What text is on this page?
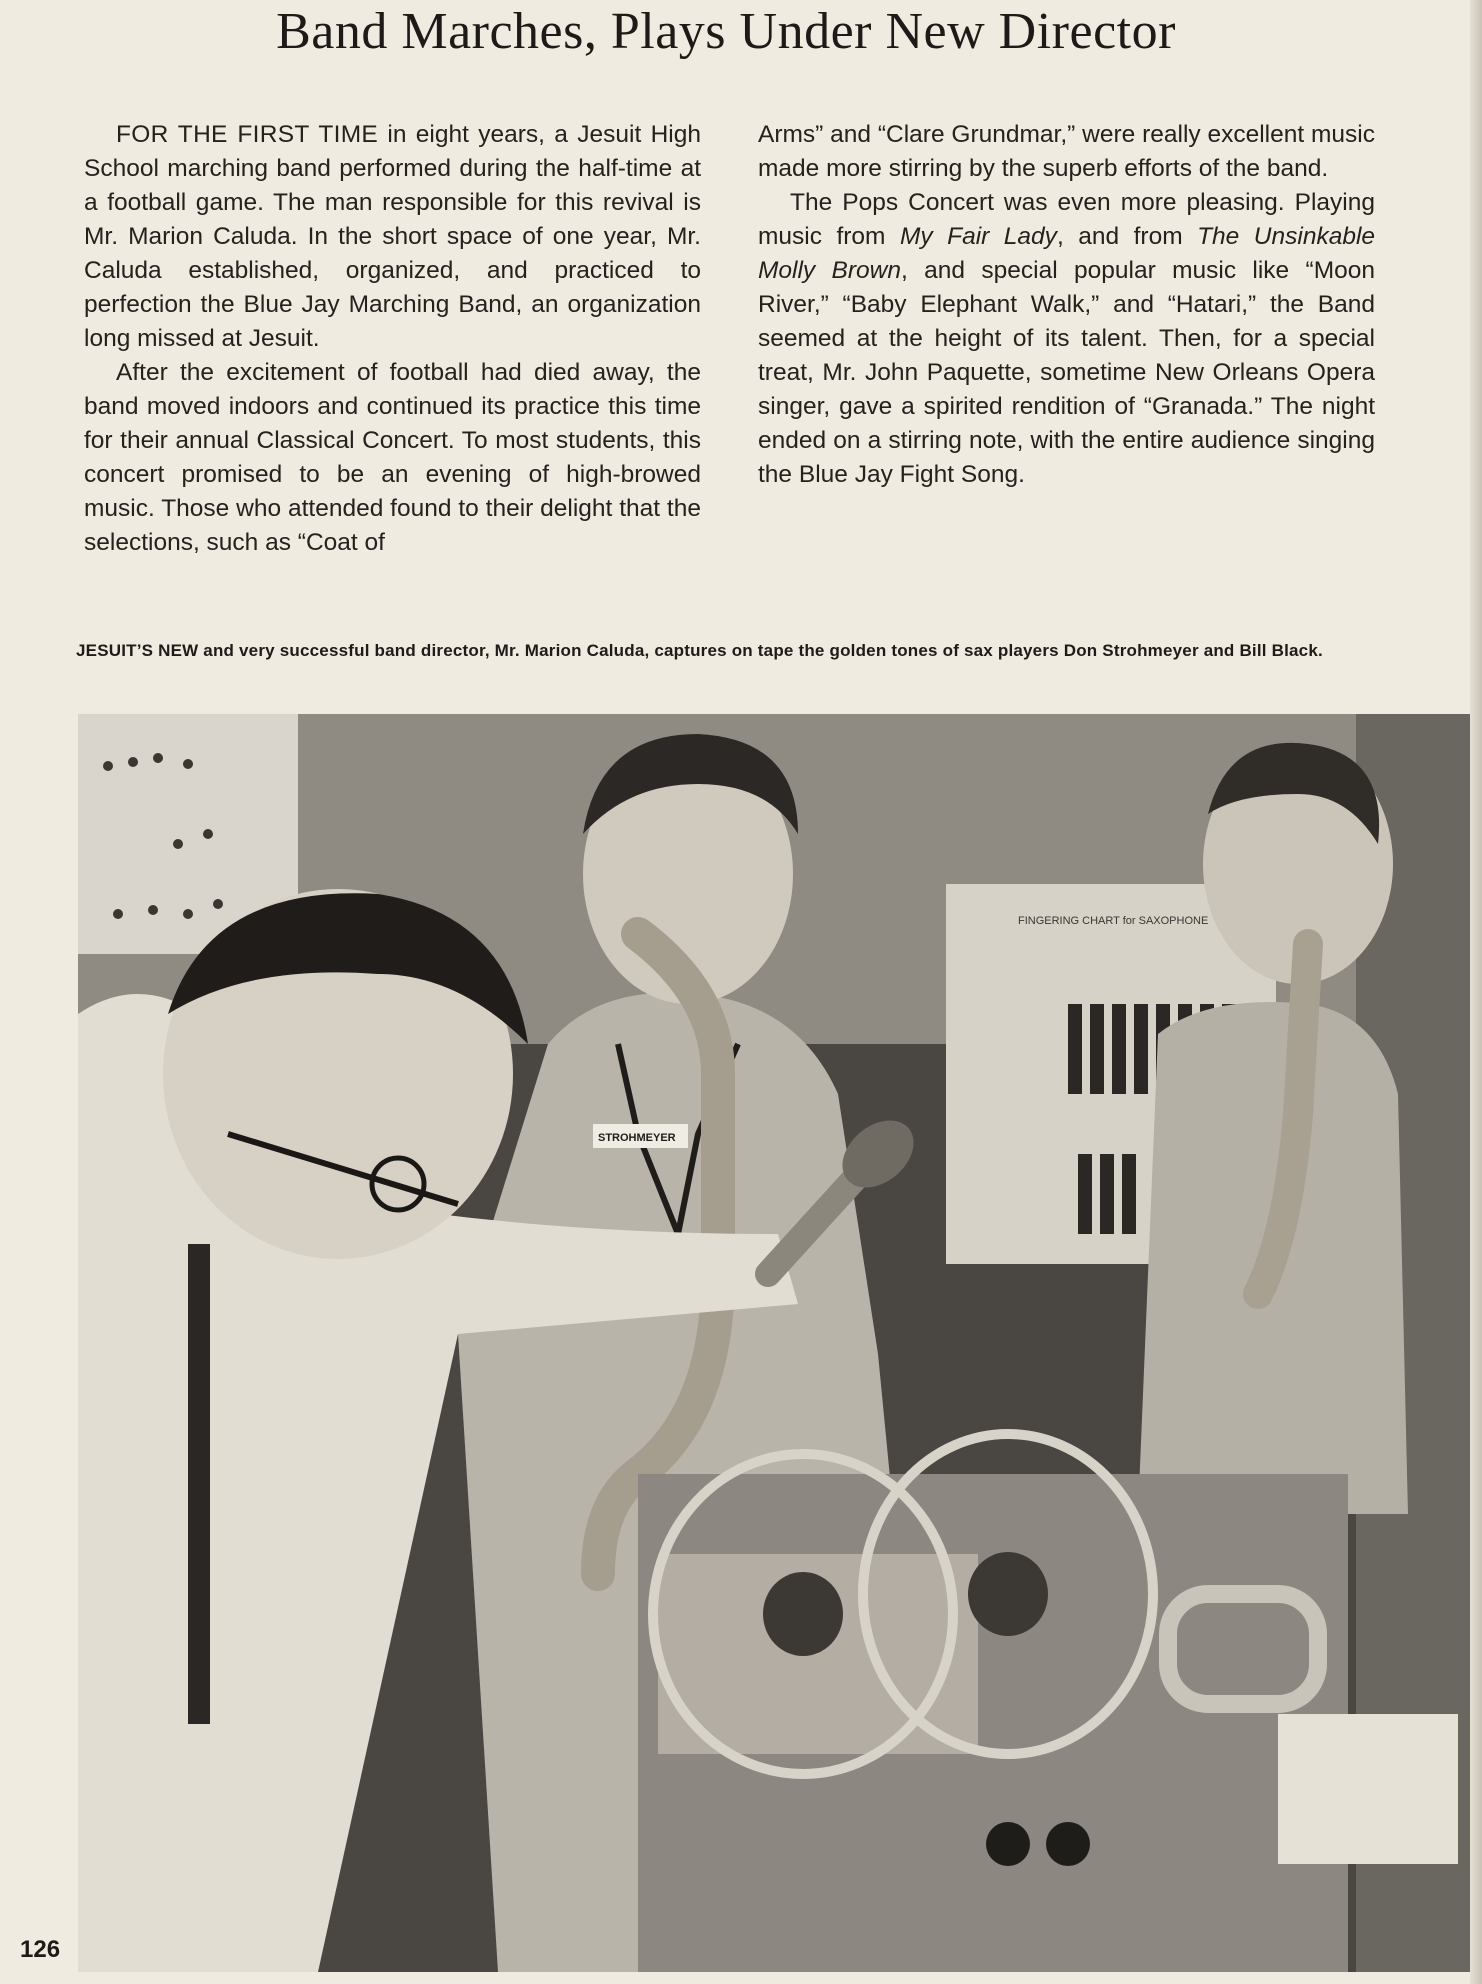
Band Marches, Plays Under New Director

FOR THE FIRST TIME in eight years, a Jesuit High School marching band performed during the half-time at a football game. The man responsible for this revival is Mr. Marion Caluda. In the short space of one year, Mr. Caluda established, organized, and practiced to perfection the Blue Jay Marching Band, an organization long missed at Jesuit.

After the excitement of football had died away, the band moved indoors and continued its practice this time for their annual Classical Concert. To most students, this concert promised to be an evening of high-browed music. Those who attended found to their delight that the selections, such as “Coat of

Arms” and “Clare Grundmar,” were really excellent music made more stirring by the superb efforts of the band.

The Pops Concert was even more pleasing. Playing music from My Fair Lady, and from The Unsinkable Molly Brown, and special popular music like “Moon River,” “Baby Elephant Walk,” and “Hatari,” the Band seemed at the height of its talent. Then, for a special treat, Mr. John Paquette, sometime New Orleans Opera singer, gave a spirited rendition of “Granada.” The night ended on a stirring note, with the entire audience singing the Blue Jay Fight Song.

JESUIT’S NEW and very successful band director, Mr. Marion Caluda, captures on tape the golden tones of sax players Don Strohmeyer and Bill Black.
FINGERING CHART for SAXOPHONE
STROHMEYER
126
